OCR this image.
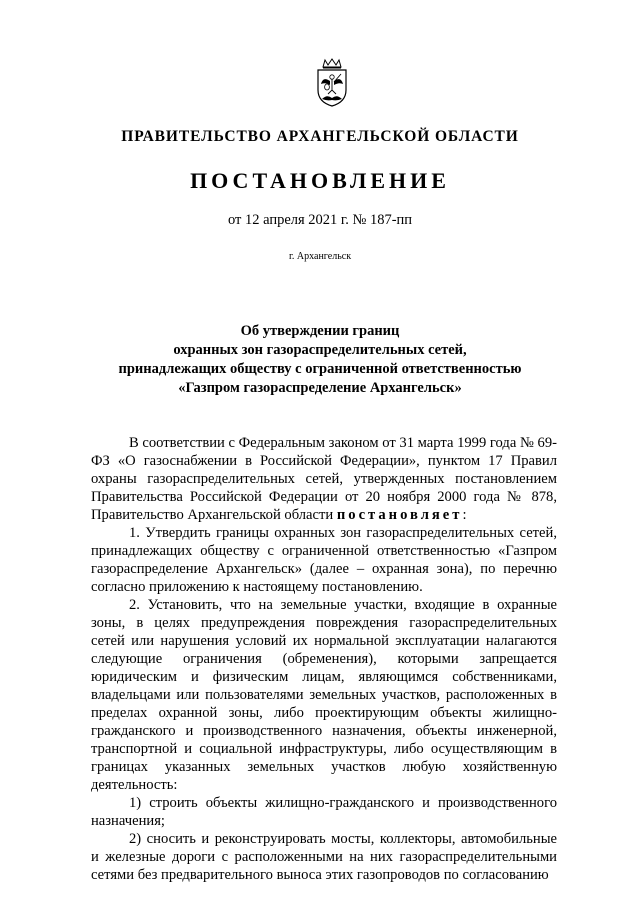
ПРАВИТЕЛЬСТВО АРХАНГЕЛЬСКОЙ ОБЛАСТИ
ПОСТАНОВЛЕНИЕ
от 12 апреля 2021 г. № 187-пп
г. Архангельск
Об утверждении границ
охранных зон газораспределительных сетей,
принадлежащих обществу с ограниченной ответственностью
«Газпром газораспределение Архангельск»

В соответствии с Федеральным законом от 31 марта 1999 года № 69-ФЗ «О газоснабжении в Российской Федерации», пунктом 17 Правил охраны газораспределительных сетей, утвержденных постановлением Правительства Российской Федерации от 20 ноября 2000 года № 878, Правительство Архангельской области постановляет:

1. Утвердить границы охранных зон газораспределительных сетей, принадлежащих обществу с ограниченной ответственностью «Газпром газораспределение Архангельск» (далее – охранная зона), по перечню согласно приложению к настоящему постановлению.

2. Установить, что на земельные участки, входящие в охранные зоны, в целях предупреждения повреждения газораспределительных сетей или нарушения условий их нормальной эксплуатации налагаются следующие ограничения (обременения), которыми запрещается юридическим и физическим лицам, являющимся собственниками, владельцами или пользователями земельных участков, расположенных в пределах охранной зоны, либо проектирующим объекты жилищно-гражданского и производственного назначения, объекты инженерной, транспортной и социальной инфраструктуры, либо осуществляющим в границах указанных земельных участков любую хозяйственную деятельность:

1) строить объекты жилищно-гражданского и производственного назначения;

2) сносить и реконструировать мосты, коллекторы, автомобильные и железные дороги с расположенными на них газораспределительными сетями без предварительного выноса этих газопроводов по согласованию
